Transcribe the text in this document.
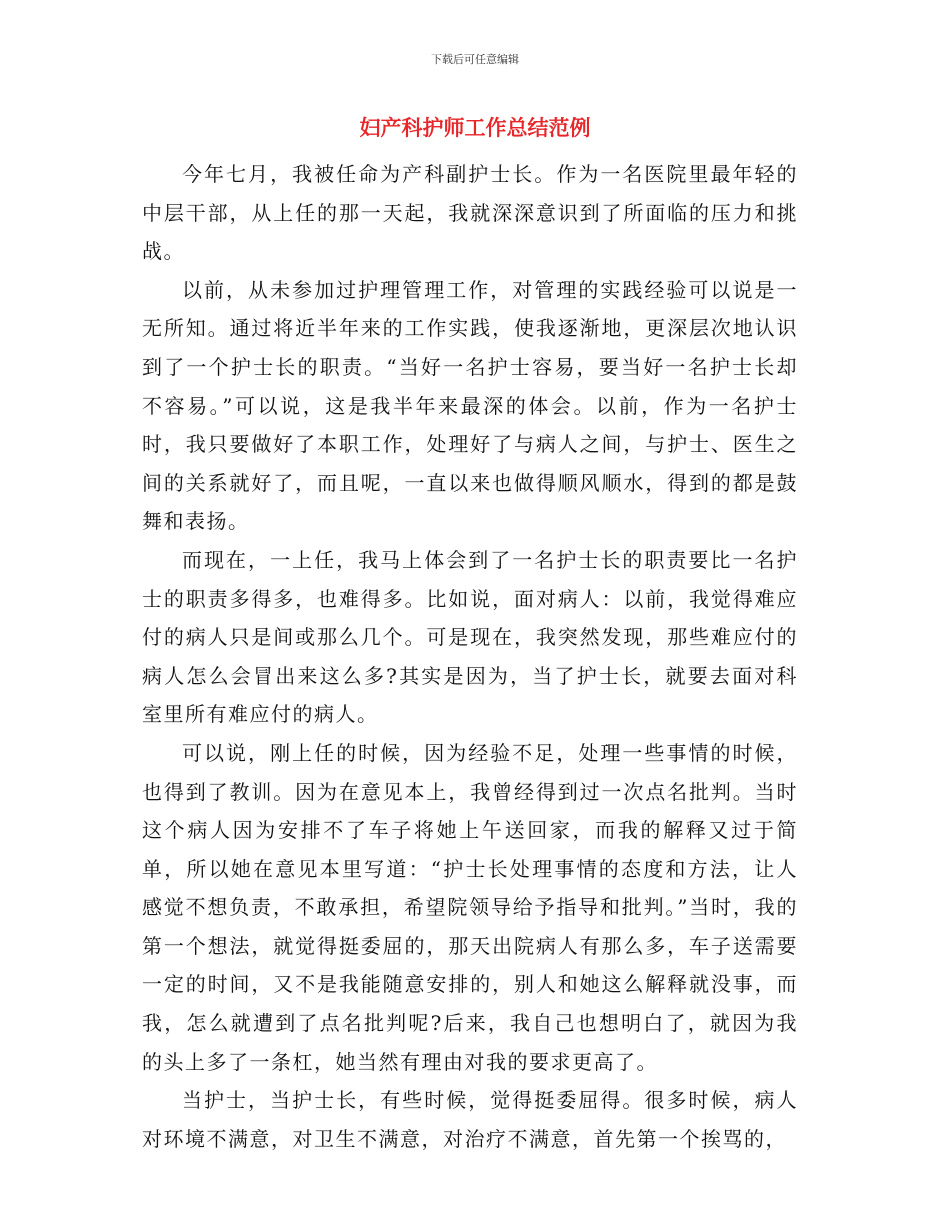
下载后可任意编辑
妇产科护师工作总结范例

今年七月，我被任命为产科副护士长。作为一名医院里最年轻的中层干部，从上任的那一天起，我就深深意识到了所面临的压力和挑战。

以前，从未参加过护理管理工作，对管理的实践经验可以说是一无所知。通过将近半年来的工作实践，使我逐渐地，更深层次地认识到了一个护士长的职责。“当好一名护士容易，要当好一名护士长却不容易。”可以说，这是我半年来最深的体会。以前，作为一名护士时，我只要做好了本职工作，处理好了与病人之间，与护士、医生之间的关系就好了，而且呢，一直以来也做得顺风顺水，得到的都是鼓舞和表扬。

而现在，一上任，我马上体会到了一名护士长的职责要比一名护士的职责多得多，也难得多。比如说，面对病人：以前，我觉得难应付的病人只是间或那么几个。可是现在，我突然发现，那些难应付的病人怎么会冒出来这么多?其实是因为，当了护士长，就要去面对科室里所有难应付的病人。

可以说，刚上任的时候，因为经验不足，处理一些事情的时候，也得到了教训。因为在意见本上，我曾经得到过一次点名批判。当时这个病人因为安排不了车子将她上午送回家，而我的解释又过于简单，所以她在意见本里写道：“护士长处理事情的态度和方法，让人感觉不想负责，不敢承担，希望院领导给予指导和批判。”当时，我的第一个想法，就觉得挺委屈的，那天出院病人有那么多，车子送需要一定的时间，又不是我能随意安排的，别人和她这么解释就没事，而我，怎么就遭到了点名批判呢?后来，我自己也想明白了，就因为我的头上多了一条杠，她当然有理由对我的要求更高了。

当护士，当护士长，有些时候，觉得挺委屈得。很多时候，病人对环境不满意，对卫生不满意，对治疗不满意，首先第一个挨骂的，
